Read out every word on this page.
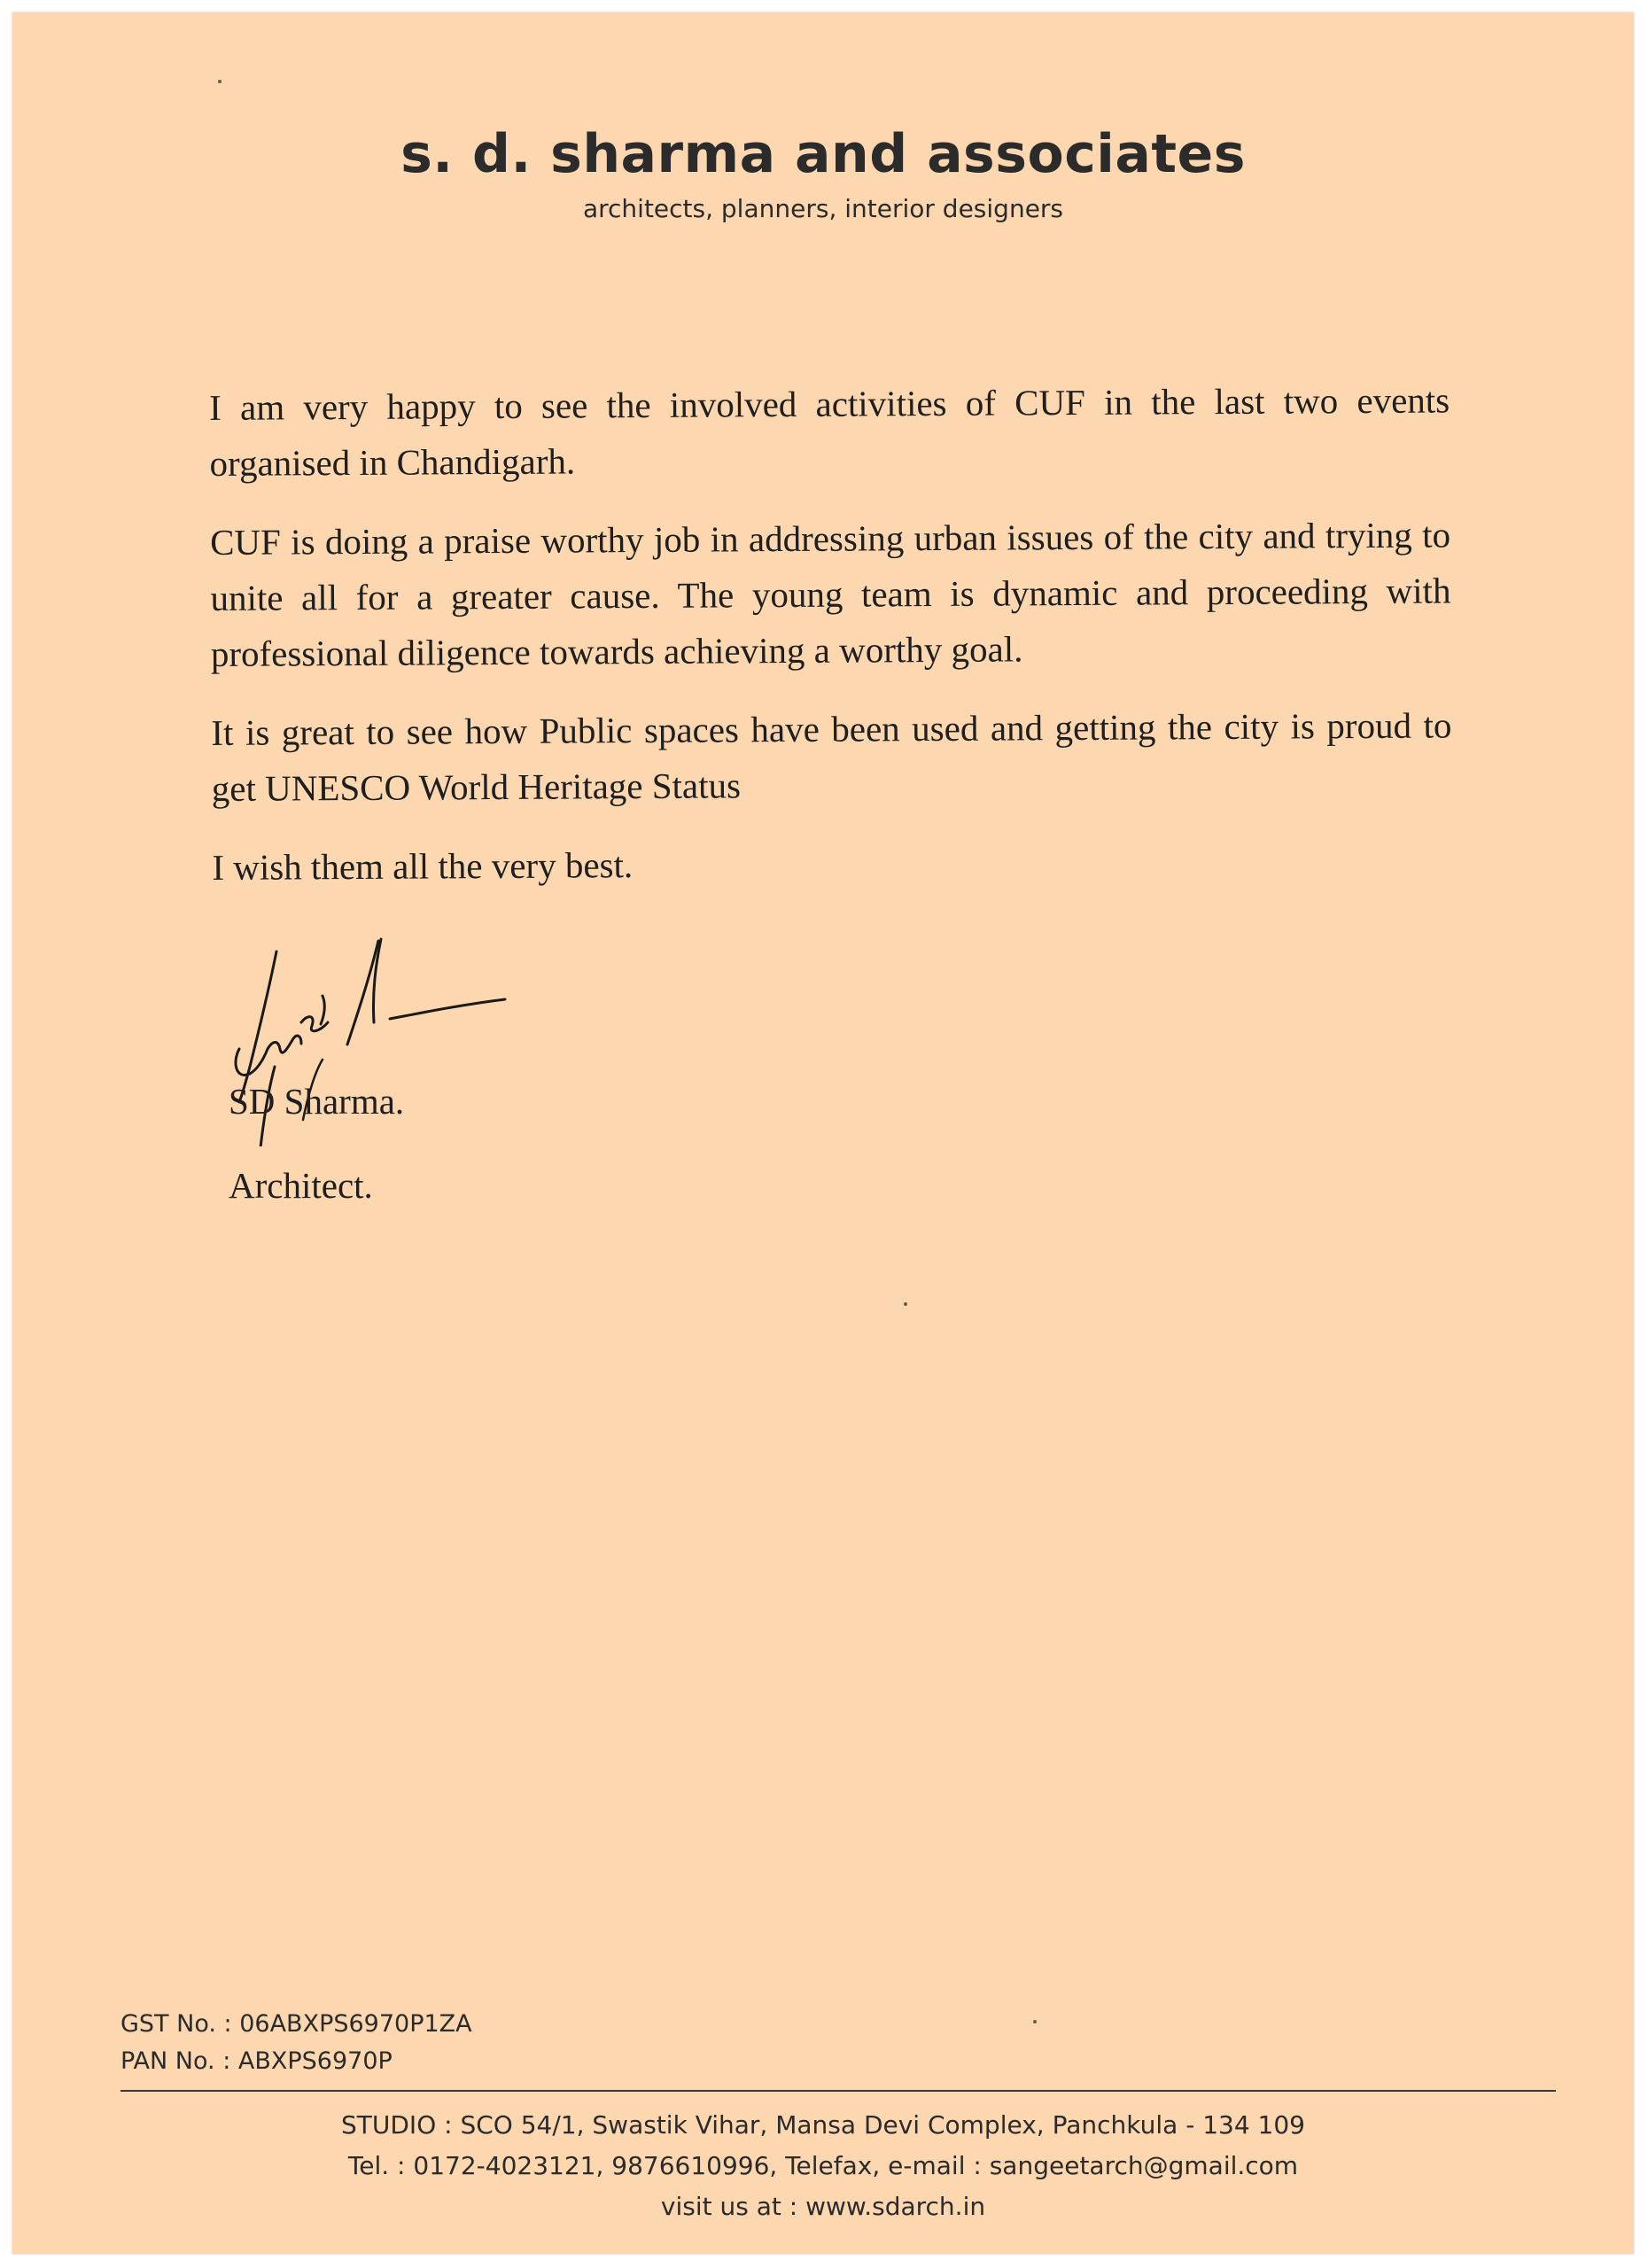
s. d. sharma and associates
architects, planners, interior designers

I am very happy to see the involved activities of CUF in the last two events organised in Chandigarh.

CUF is doing a praise worthy job in addressing urban issues of the city and trying to unite all for a greater cause. The young team is dynamic and proceeding with professional diligence towards achieving a worthy goal.

It is great to see how Public spaces have been used and getting the city is proud to get UNESCO World Heritage Status

I wish them all the very best.

SD Sharma.
Architect.
GST No. : 06ABXPS6970P1ZA
PAN No. : ABXPS6970P
STUDIO : SCO 54/1, Swastik Vihar, Mansa Devi Complex, Panchkula - 134 109
Tel. : 0172-4023121, 9876610996, Telefax, e-mail : sangeetarch@gmail.com
visit us at : www.sdarch.in
